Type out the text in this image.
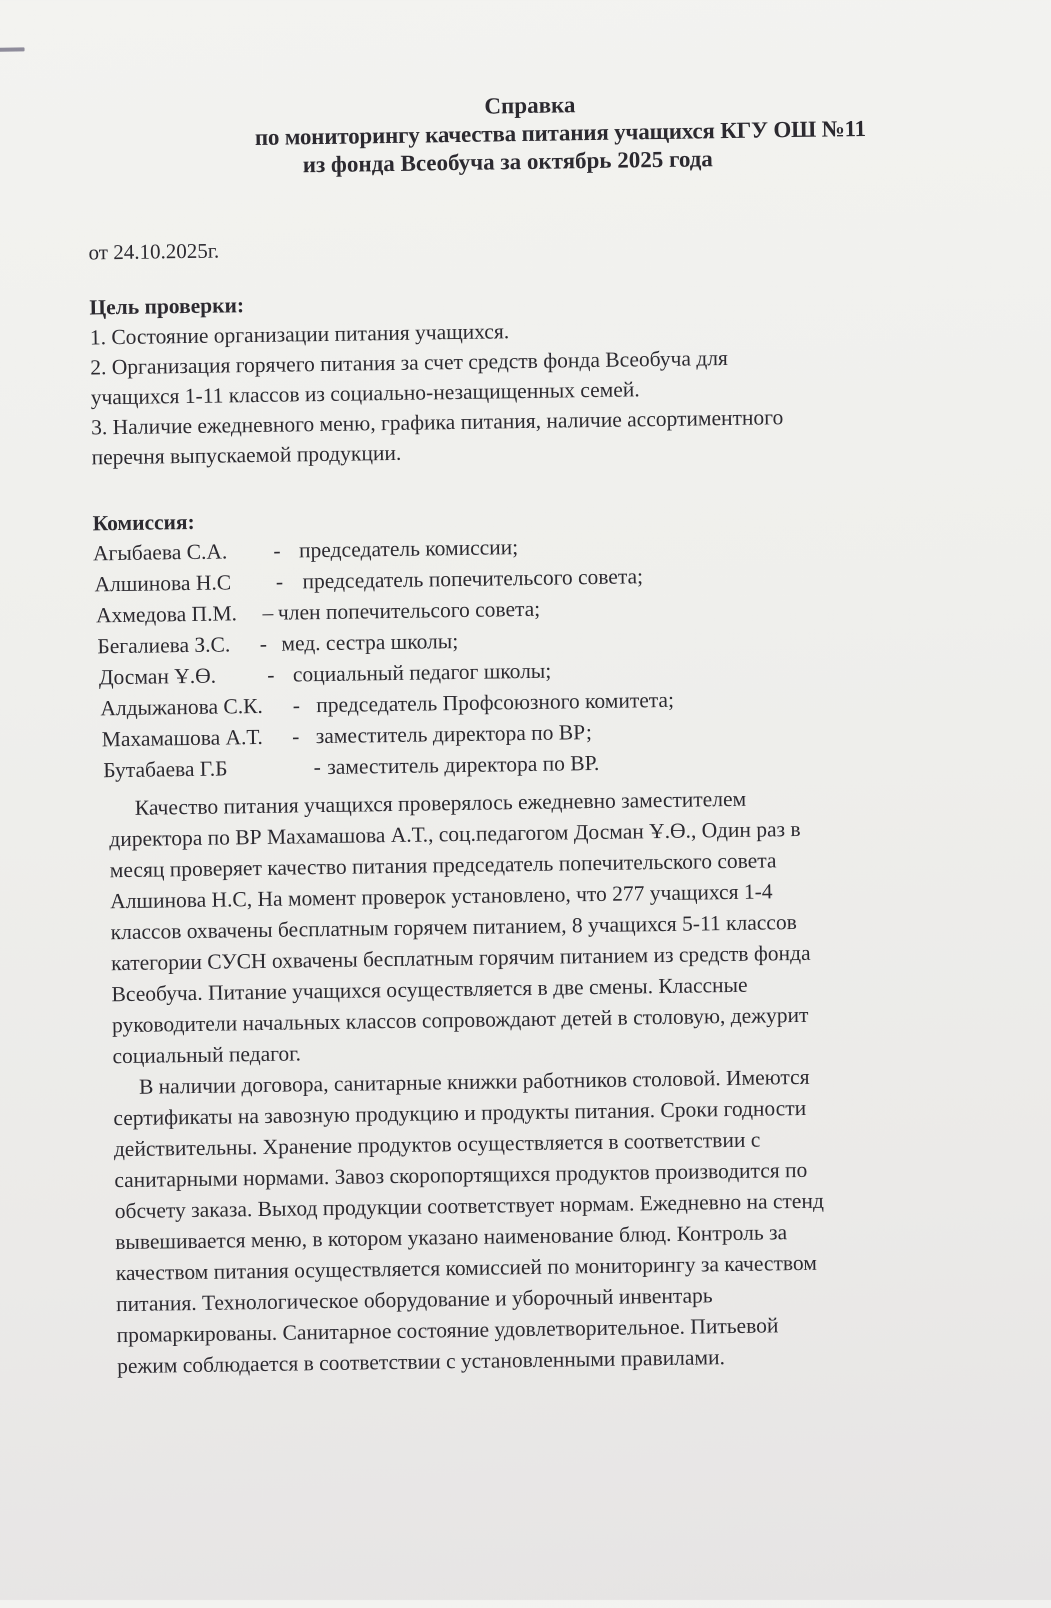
Справка
по мониторингу качества питания учащихся КГУ ОШ №11
из фонда Всеобуча за октябрь 2025 года
от 24.10.2025г.
Цель проверки:
1. Состояние организации питания учащихся.
2. Организация горячего питания за счет средств фонда Всеобуча для
учащихся 1-11 классов из социально-незащищенных семей.
3. Наличие ежедневного меню, графика питания, наличие ассортиментного
перечня выпускаемой продукции.
Комиссия:
Агыбаева С.А.	- председатель комиссии;
Алшинова Н.С	- председатель попечительсого совета;
Ахмедова П.М.	– член попечительсого совета;
Бегалиева З.С.	- мед. сестра школы;
Досман Ұ.Ө.	- социальный педагог школы;
Алдыжанова С.К.	- председатель Профсоюзного комитета;
Махамашова А.Т.	- заместитель директора по ВР;
Бутабаева Г.Б	- заместитель директора по ВР.
Качество питания учащихся проверялось ежедневно заместителем
директора по ВР Махамашова А.Т., соц.педагогом Досман Ұ.Ө., Один раз в
месяц проверяет качество питания председатель попечительского совета
Алшинова Н.С, На момент проверок установлено, что 277 учащихся 1-4
классов охвачены бесплатным горячем питанием, 8 учащихся 5-11 классов
категории СУСН охвачены бесплатным горячим питанием из средств фонда
Всеобуча. Питание учащихся осуществляется в две смены. Классные
руководители начальных классов сопровождают детей в столовую, дежурит
социальный педагог.
В наличии договора, санитарные книжки работников столовой. Имеются
сертификаты на завозную продукцию и продукты питания. Сроки годности
действительны. Хранение продуктов осуществляется в соответствии с
санитарными нормами. Завоз скоропортящихся продуктов производится по
обсчету заказа. Выход продукции соответствует нормам. Ежедневно на стенд
вывешивается меню, в котором указано наименование блюд. Контроль за
качеством питания осуществляется комиссией по мониторингу за качеством
питания. Технологическое оборудование и уборочный инвентарь
промаркированы. Санитарное состояние удовлетворительное. Питьевой
режим соблюдается в соответствии с установленными правилами.
